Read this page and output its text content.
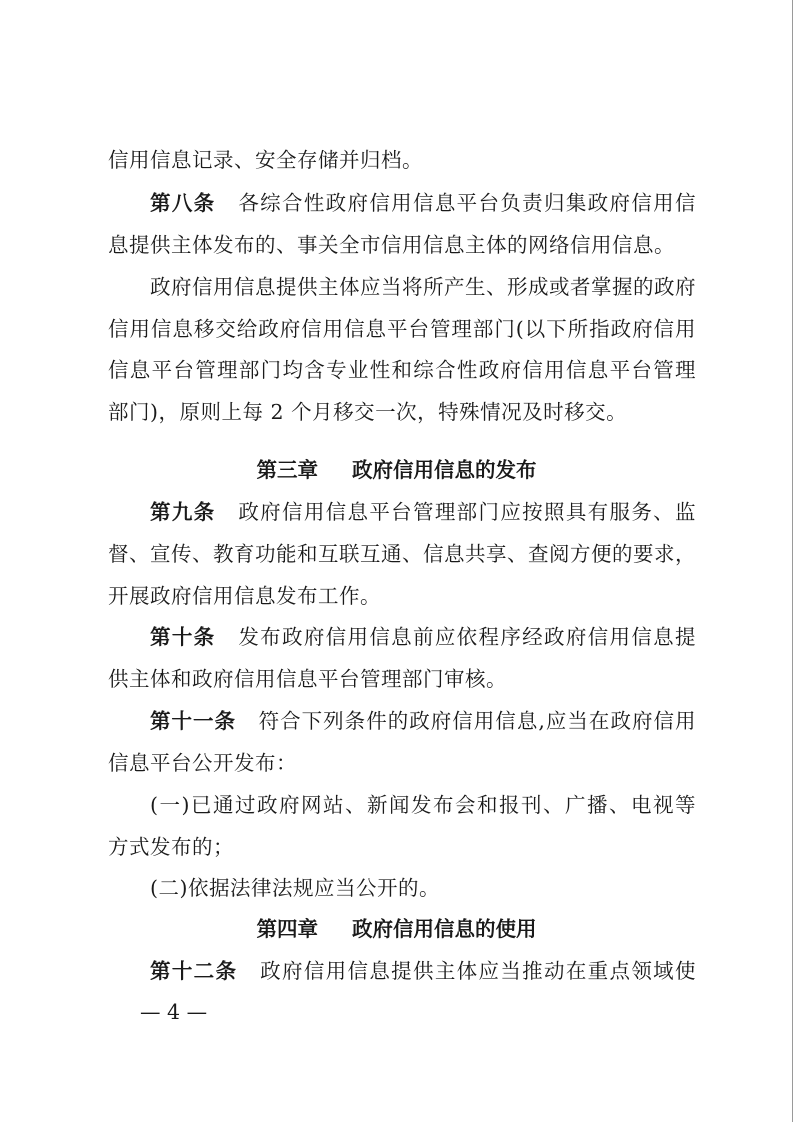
信用信息记录、安全存储并归档。
第八条 各综合性政府信用信息平台负责归集政府信用信
息提供主体发布的、事关全市信用信息主体的网络信用信息。
政府信用信息提供主体应当将所产生、形成或者掌握的政府
信用信息移交给政府信用信息平台管理部门(以下所指政府信用
信息平台管理部门均含专业性和综合性政府信用信息平台管理
部门)，原则上每 2 个月移交一次，特殊情况及时移交。
第三章 政府信用信息的发布
第九条 政府信用信息平台管理部门应按照具有服务、监
督、宣传、教育功能和互联互通、信息共享、查阅方便的要求，
开展政府信用信息发布工作。
第十条 发布政府信用信息前应依程序经政府信用信息提
供主体和政府信用信息平台管理部门审核。
第十一条 符合下列条件的政府信用信息,应当在政府信用
信息平台公开发布：
(一)已通过政府网站、新闻发布会和报刊、广播、电视等
方式发布的；
(二)依据法律法规应当公开的。
第四章 政府信用信息的使用
第十二条 政府信用信息提供主体应当推动在重点领域使
— 4 —
